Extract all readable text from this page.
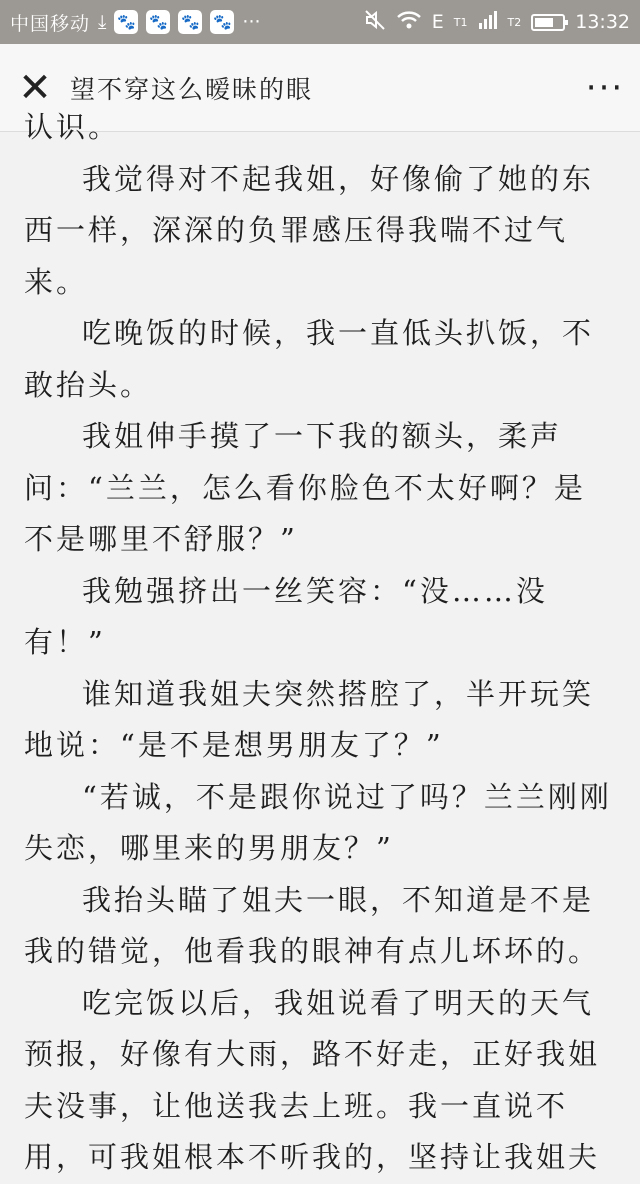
中国移动 ⤓ 🐾 🐾 🐾 🐾 ···	E T1	T2	13:32
✕ 望不穿这么暧昧的眼	···

认识。

我觉得对不起我姐，好像偷了她的东西一样，深深的负罪感压得我喘不过气来。

吃晚饭的时候，我一直低头扒饭，不敢抬头。

我姐伸手摸了一下我的额头，柔声问：“兰兰，怎么看你脸色不太好啊？是不是哪里不舒服？”

我勉强挤出一丝笑容：“没……没有！”

谁知道我姐夫突然搭腔了，半开玩笑地说：“是不是想男朋友了？”

“若诚，不是跟你说过了吗？兰兰刚刚失恋，哪里来的男朋友？”

我抬头瞄了姐夫一眼，不知道是不是我的错觉，他看我的眼神有点儿坏坏的。

吃完饭以后，我姐说看了明天的天气预报，好像有大雨，路不好走，正好我姐夫没事，让他送我去上班。我一直说不用，可我姐根本不听我的，坚持让我姐夫
